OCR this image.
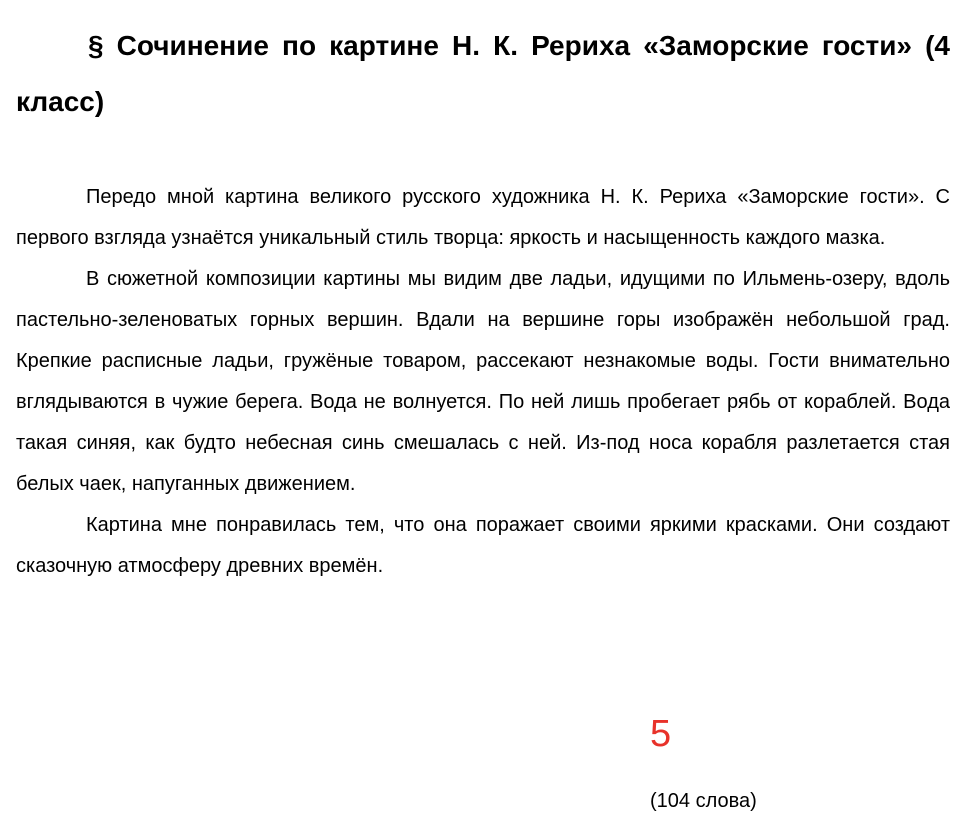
§ Сочинение по картине Н. К. Рериха «Заморские гости» (4 класс)

Передо мной картина великого русского художника Н. К. Рериха «Заморские гости». С первого взгляда узнаётся уникальный стиль творца: яркость и насыщенность каждого мазка.

В сюжетной композиции картины мы видим две ладьи, идущими по Ильмень-озеру, вдоль пастельно-зеленоватых горных вершин. Вдали на вершине горы изображён небольшой град. Крепкие расписные ладьи, гружёные товаром, рассекают незнакомые воды. Гости внимательно вглядываются в чужие берега. Вода не волнуется. По ней лишь пробегает рябь от кораблей. Вода такая синяя, как будто небесная синь смешалась с ней. Из-под носа корабля разлетается стая белых чаек, напуганных движением.

Картина мне понравилась тем, что она поражает своими яркими красками. Они создают сказочную атмосферу древних времён.

5
(104 слова)
